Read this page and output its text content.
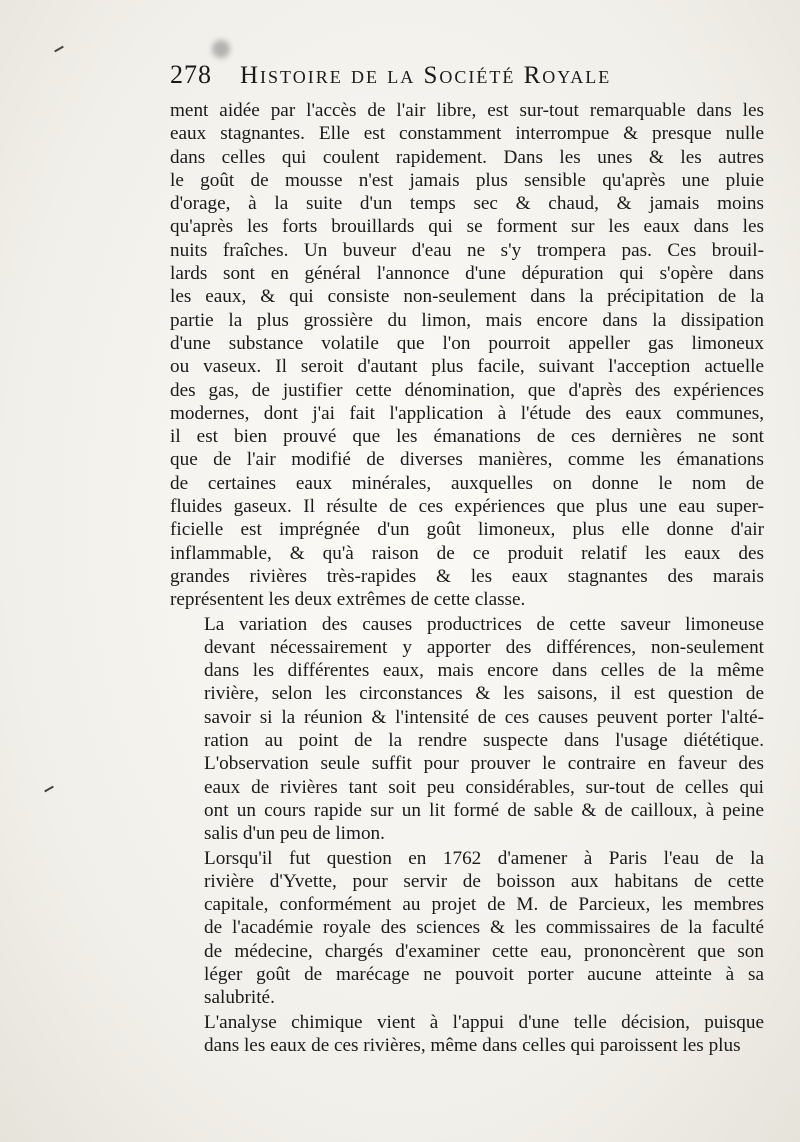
278 Histoire de la Société Royale

ment aidée par l'accès de l'air libre, est sur-tout remarquable dans les
eaux stagnantes. Elle est constamment interrompue & presque nulle
dans celles qui coulent rapidement. Dans les unes & les autres
le goût de mousse n'est jamais plus sensible qu'après une pluie
d'orage, à la suite d'un temps sec & chaud, & jamais moins
qu'après les forts brouillards qui se forment sur les eaux dans les
nuits fraîches. Un buveur d'eau ne s'y trompera pas. Ces brouil-
lards sont en général l'annonce d'une dépuration qui s'opère dans
les eaux, & qui consiste non-seulement dans la précipitation de la
partie la plus grossière du limon, mais encore dans la dissipation
d'une substance volatile que l'on pourroit appeller gas limoneux
ou vaseux. Il seroit d'autant plus facile, suivant l'acception actuelle
des gas, de justifier cette dénomination, que d'après des expériences
modernes, dont j'ai fait l'application à l'étude des eaux communes,
il est bien prouvé que les émanations de ces dernières ne sont
que de l'air modifié de diverses manières, comme les émanations
de certaines eaux minérales, auxquelles on donne le nom de
fluides gaseux. Il résulte de ces expériences que plus une eau super-
ficielle est imprégnée d'un goût limoneux, plus elle donne d'air
inflammable, & qu'à raison de ce produit relatif les eaux des
grandes rivières très-rapides & les eaux stagnantes des marais
représentent les deux extrêmes de cette classe.

La variation des causes productrices de cette saveur limoneuse
devant nécessairement y apporter des différences, non-seulement
dans les différentes eaux, mais encore dans celles de la même
rivière, selon les circonstances & les saisons, il est question de
savoir si la réunion & l'intensité de ces causes peuvent porter l'alté-
ration au point de la rendre suspecte dans l'usage diététique.
L'observation seule suffit pour prouver le contraire en faveur des
eaux de rivières tant soit peu considérables, sur-tout de celles qui
ont un cours rapide sur un lit formé de sable & de cailloux, à peine
salis d'un peu de limon.

Lorsqu'il fut question en 1762 d'amener à Paris l'eau de la
rivière d'Yvette, pour servir de boisson aux habitans de cette
capitale, conformément au projet de M. de Parcieux, les membres
de l'académie royale des sciences & les commissaires de la faculté
de médecine, chargés d'examiner cette eau, prononcèrent que son
léger goût de marécage ne pouvoit porter aucune atteinte à sa
salubrité.

L'analyse chimique vient à l'appui d'une telle décision, puisque
dans les eaux de ces rivières, même dans celles qui paroissent les plus
